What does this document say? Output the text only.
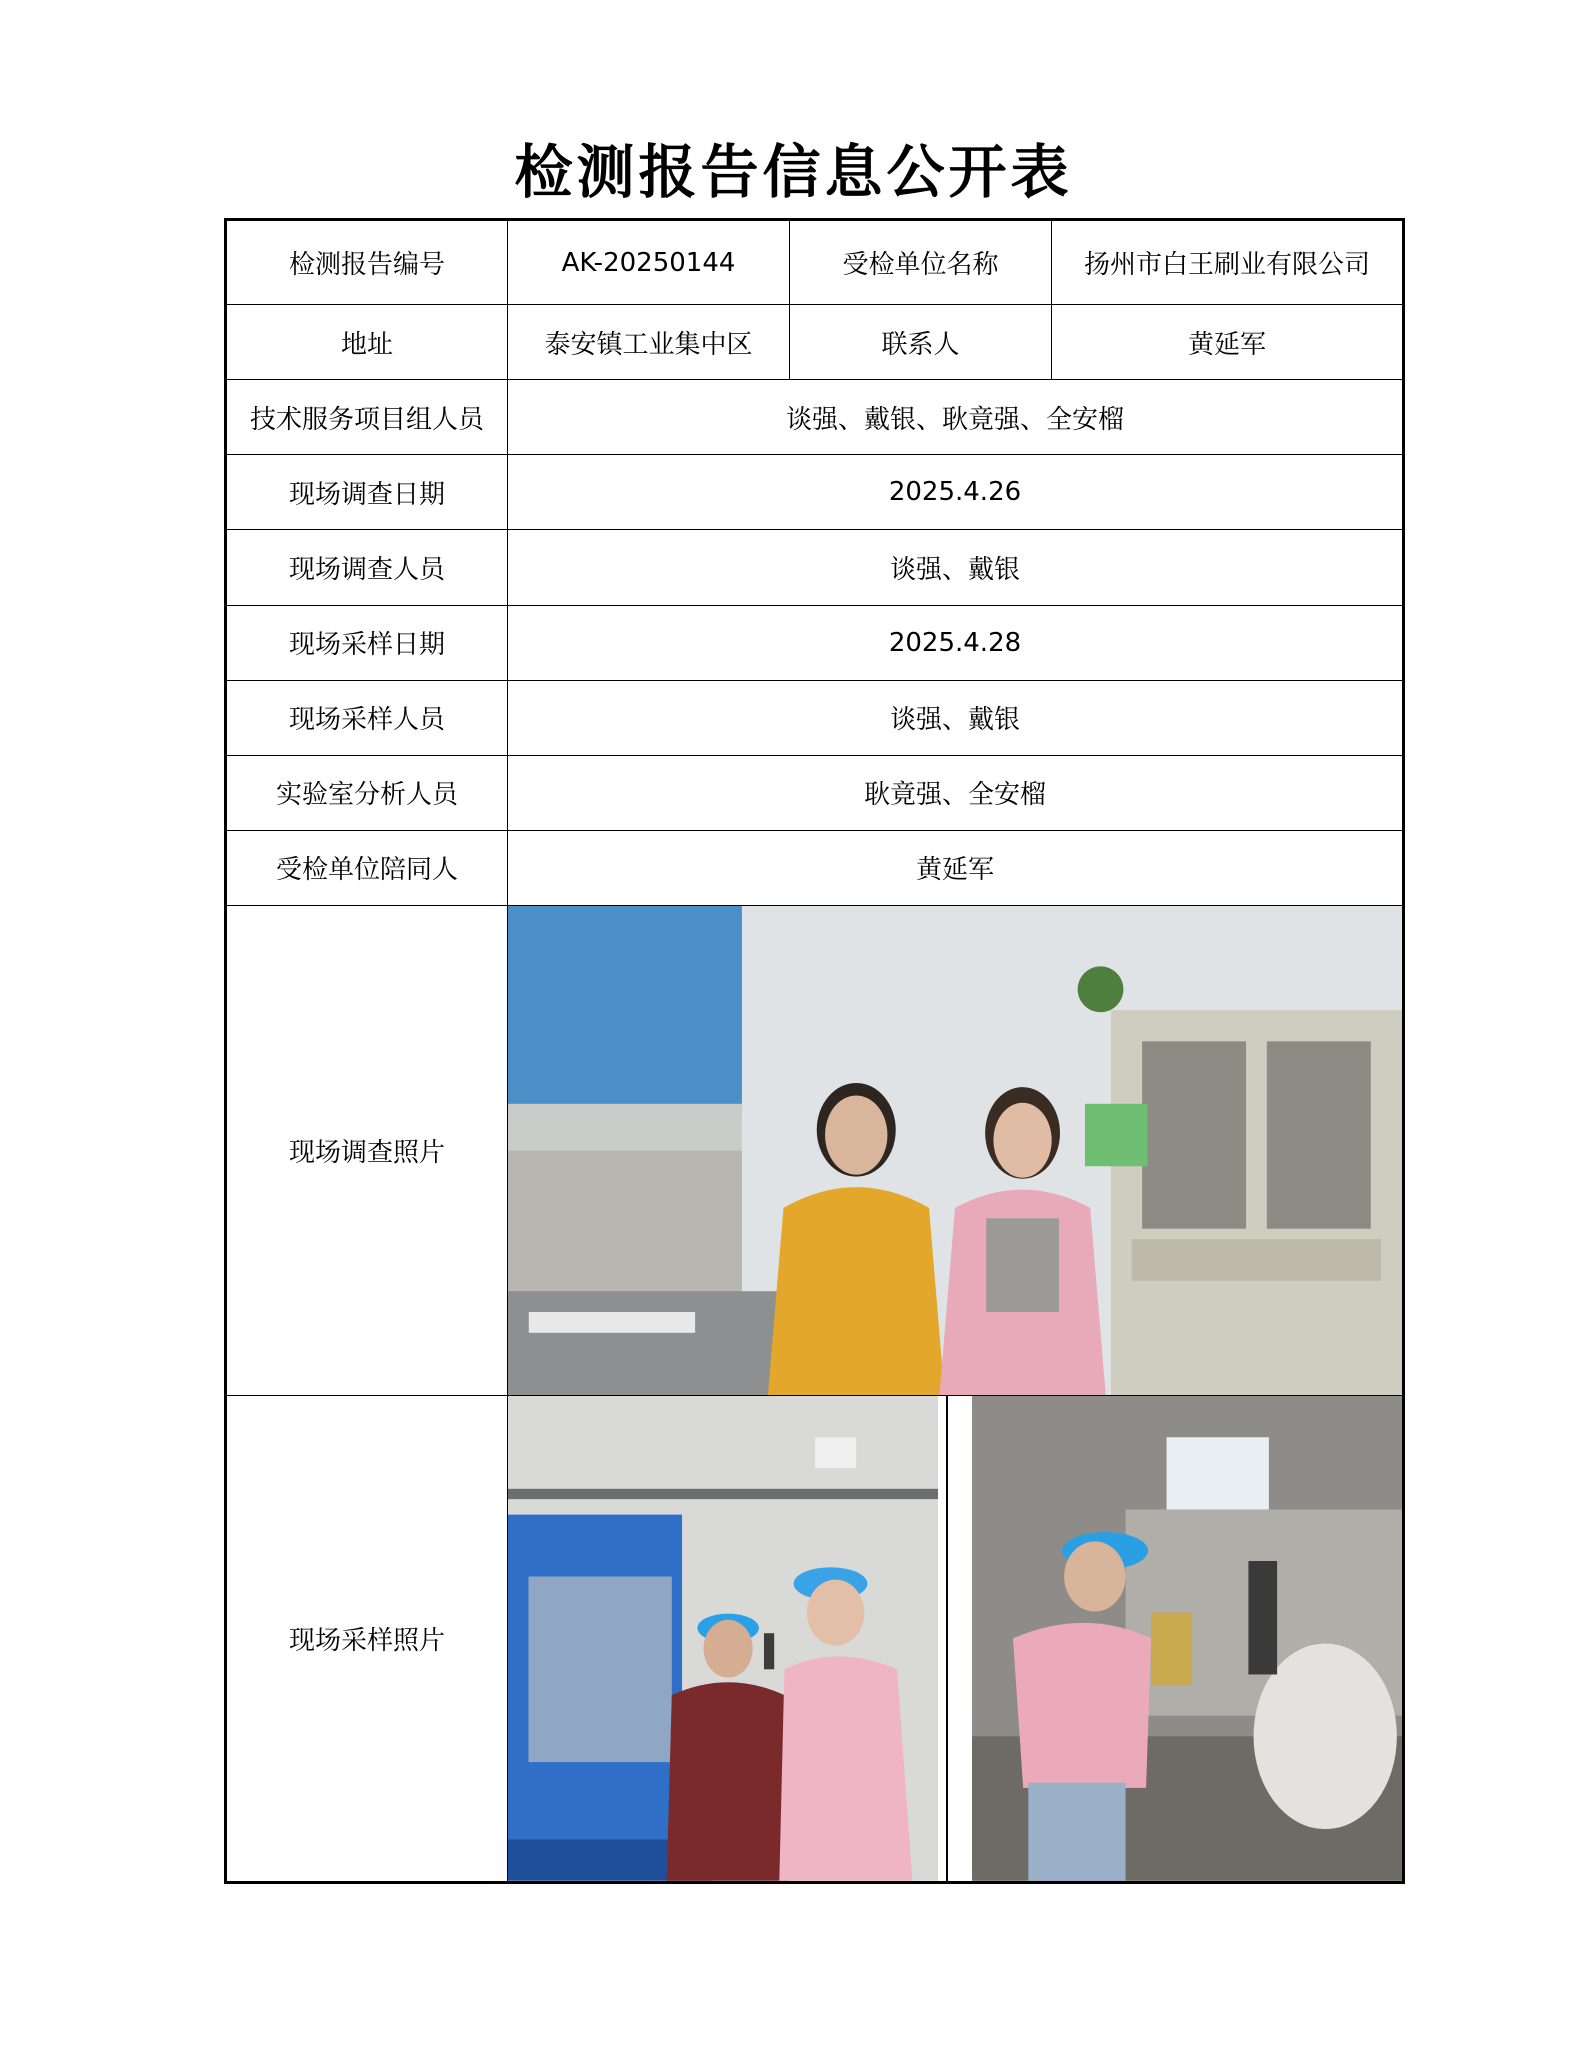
检测报告信息公开表
检测报告编号	AK-20250144	受检单位名称	扬州市白王刷业有限公司
地址	泰安镇工业集中区	联系人	黄延军
技术服务项目组人员	谈强、戴银、耿竟强、全安榴		
现场调查日期	2025.4.26		
现场调查人员	谈强、戴银		
现场采样日期	2025.4.28		
现场采样人员	谈强、戴银		
实验室分析人员	耿竟强、全安榴		
受检单位陪同人	黄延军		
现场调查照片	

现场采样照片	
